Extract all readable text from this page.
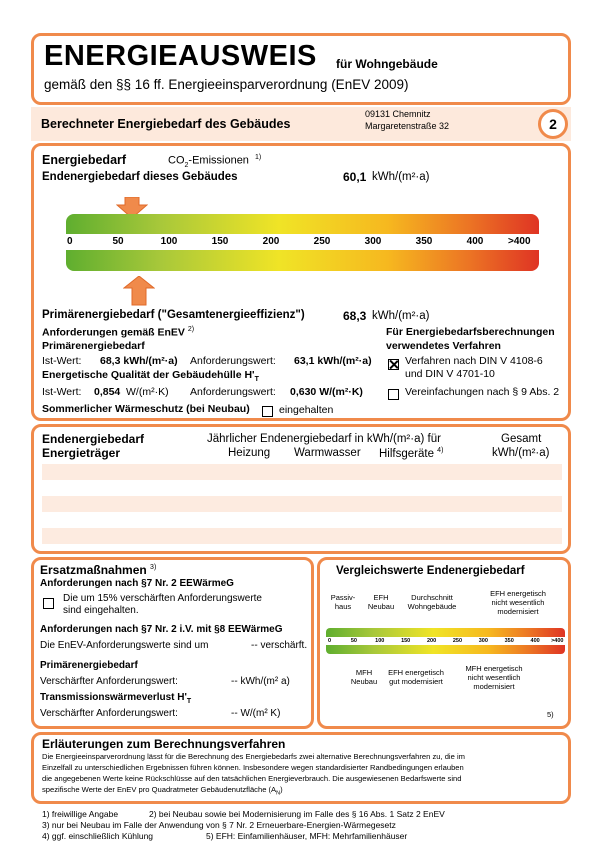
ENERGIEAUSWEIS für Wohngebäude
gemäß den §§ 16 ff. Energieeinsparverordnung (EnEV 2009)
Berechneter Energiebedarf des Gebäudes
09131 Chemnitz
Margaretenstraße 32	2
Energiebedarf	$CO_2$-Emissionen $^{1)}$
Endenergiebedarf dieses Gebäudes	60,1 kWh/(m²·a)
0	50	100	150	200	250	300	350	400 >400
Primärenergiebedarf ("Gesamtenergieeffizienz")	68,3 kWh/(m²·a)
Anforderungen gemäß EnEV $^{2)}$
Primärenergiebedarf
Ist-Wert: 68,3 kWh/(m²·a) Anforderungswert: 63,1 kWh/(m²·a)
Energetische Qualität der Gebäudehülle $H'_T$
Ist-Wert: 0,854 W/(m²·K) Anforderungswert: 0,630 W/(m²·K)
Sommerlicher Wärmeschutz (bei Neubau)	eingehalten
Für Energiebedarfsberechnungen
verwendetes Verfahren
Verfahren nach DIN V 4108-6
und DIN V 4701-10
Vereinfachungen nach § 9 Abs. 2
Endenergiebedarf
Energieträger
Jährlicher Endenergiebedarf in kWh/(m²·a) für
Heizung Warmwasser Hilfsgeräte $^{4)}$
Gesamt
kWh/(m²·a)
Ersatzmaßnahmen $^{3)}$
Anforderungen nach §7 Nr. 2 EEWärmeG
Die um 15% verschärften Anforderungswerte
sind eingehalten.
Anforderungen nach §7 Nr. 2 i.V. mit §8 EEWärmeG
Die EnEV-Anforderungswerte sind um	-- verschärft.
Primärenergiebedarf
Verschärfter Anforderungswert:	-- kWh/(m² a)
Transmissionswärmeverlust $H'_T$
Verschärfter Anforderungswert:	-- W/(m² K)
Vergleichswerte Endenergiebedarf
Passiv-
haus
EFH
Neubau
Durchschnitt
Wohngebäude
EFH energetisch
nicht wesentlich
modernisiert
0	50	100	150	200	250	300	350	400 >400
MFH
Neubau
EFH energetisch
gut modernisiert
MFH energetisch
nicht wesentlich
modernisiert
5)
Erläuterungen zum Berechnungsverfahren
Die Energieeinsparverordnung lässt für die Berechnung des Energiebedarfs zwei alternative Berechnungsverfahren zu, die im
Einzelfall zu unterschiedlichen Ergebnissen führen können. Insbesondere wegen standardisierter Randbedingungen erlauben
die angegebenen Werte keine Rückschlüsse auf den tatsächlichen Energieverbrauch. Die ausgewiesenen Bedarfswerte sind
spezifische Werte der EnEV pro Quadratmeter Gebäudenutzfläche $(A_N)$
1) freiwillige Angabe	2) bei Neubau sowie bei Modernisierung im Falle des § 16 Abs. 1 Satz 2 EnEV
3) nur bei Neubau im Falle der Anwendung von § 7 Nr. 2 Erneuerbare-Energien-Wärmegesetz
4) ggf. einschließlich Kühlung	5) EFH: Einfamilienhäuser, MFH: Mehrfamilienhäuser
